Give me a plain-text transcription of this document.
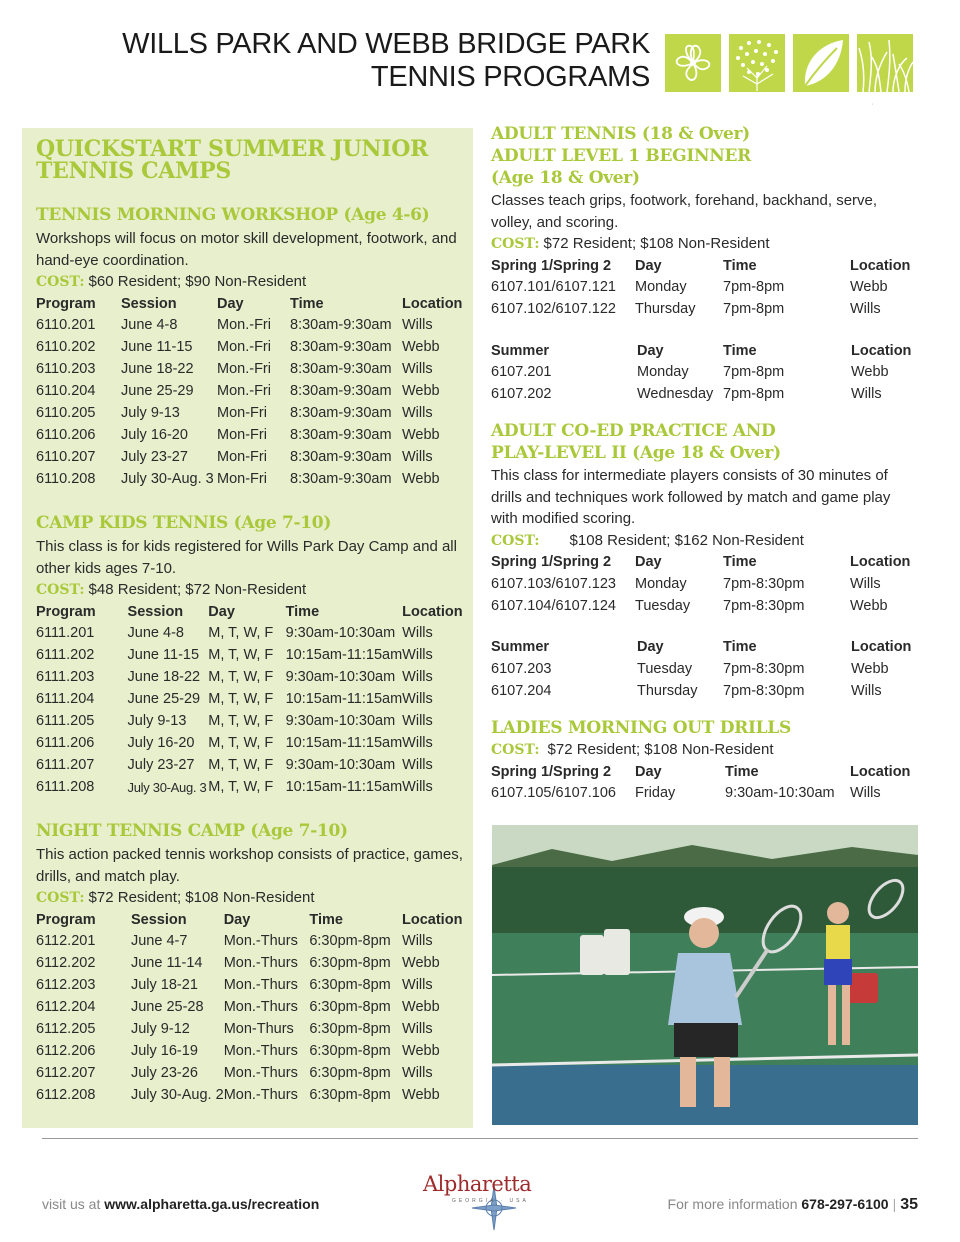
WILLS PARK AND WEBB BRIDGE PARK
TENNIS PROGRAMS
'
QUICKSTART SUMMER JUNIOR
TENNIS CAMPS
TENNIS MORNING WORKSHOP (Age 4-6)
Workshops will focus on motor skill development, footwork, and hand-eye coordination.
COST: $60 Resident; $90 Non-Resident
Program	Session	Day	Time	Location
6110.201	June 4-8	Mon.-Fri	8:30am-9:30am	Wills
6110.202	June 11-15	Mon.-Fri	8:30am-9:30am	Webb
6110.203	June 18-22	Mon.-Fri	8:30am-9:30am	Wills
6110.204	June 25-29	Mon.-Fri	8:30am-9:30am	Webb
6110.205	July 9-13	Mon-Fri	8:30am-9:30am	Wills
6110.206	July 16-20	Mon-Fri	8:30am-9:30am	Webb
6110.207	July 23-27	Mon-Fri	8:30am-9:30am	Wills
6110.208	July 30-Aug. 3	Mon-Fri	8:30am-9:30am	Webb
CAMP KIDS TENNIS (Age 7-10)
This class is for kids registered for Wills Park Day Camp and all other kids ages 7-10.
COST: $48 Resident; $72 Non-Resident
Program	Session	Day	Time	Location
6111.201	June 4-8	M, T, W, F	9:30am-10:30am	Wills
6111.202	June 11-15	M, T, W, F	10:15am-11:15am	Wills
6111.203	June 18-22	M, T, W, F	9:30am-10:30am	Wills
6111.204	June 25-29	M, T, W, F	10:15am-11:15am	Wills
6111.205	July 9-13	M, T, W, F	9:30am-10:30am	Wills
6111.206	July 16-20	M, T, W, F	10:15am-11:15am	Wills
6111.207	July 23-27	M, T, W, F	9:30am-10:30am	Wills
6111.208	July 30-Aug. 3	M, T, W, F	10:15am-11:15am	Wills
NIGHT TENNIS CAMP (Age 7-10)
This action packed tennis workshop consists of practice, games, drills, and match play.
COST: $72 Resident; $108 Non-Resident
Program	Session	Day	Time	Location
6112.201	June 4-7	Mon.-Thurs	6:30pm-8pm	Wills
6112.202	June 11-14	Mon.-Thurs	6:30pm-8pm	Webb
6112.203	July 18-21	Mon.-Thurs	6:30pm-8pm	Wills
6112.204	June 25-28	Mon.-Thurs	6:30pm-8pm	Webb
6112.205	July 9-12	Mon-Thurs	6:30pm-8pm	Wills
6112.206	July 16-19	Mon.-Thurs	6:30pm-8pm	Webb
6112.207	July 23-26	Mon.-Thurs	6:30pm-8pm	Wills
6112.208	July 30-Aug. 2	Mon.-Thurs	6:30pm-8pm	Webb
ADULT TENNIS (18 & Over)
ADULT LEVEL 1 BEGINNER
(Age 18 & Over)
Classes teach grips, footwork, forehand, backhand, serve, volley, and scoring.
COST: $72 Resident; $108 Non-Resident
Spring 1/Spring 2	Day	Time	Location
6107.101/6107.121	Monday	7pm-8pm	Webb
6107.102/6107.122	Thursday	7pm-8pm	Wills
Summer	Day	Time	Location
6107.201	Monday	7pm-8pm	Webb
6107.202	Wednesday	7pm-8pm	Wills
ADULT CO-ED PRACTICE AND
PLAY-LEVEL II (Age 18 & Over)
This class for intermediate players consists of 30 minutes of drills and techniques work followed by match and game play with modified scoring.
COST: $108 Resident; $162 Non-Resident
Spring 1/Spring 2	Day	Time	Location
6107.103/6107.123	Monday	7pm-8:30pm	Wills
6107.104/6107.124	Tuesday	7pm-8:30pm	Webb
Summer	Day	Time	Location
6107.203	Tuesday	7pm-8:30pm	Webb
6107.204	Thursday	7pm-8:30pm	Wills
LADIES MORNING OUT DRILLS
COST: $72 Resident; $108 Non-Resident
Spring 1/Spring 2	Day	Time	Location
6107.105/6107.106	Friday	9:30am-10:30am	Wills
visit us at www.alpharetta.ga.us/recreation
Alpharetta
GEORGIA · USA	For more information 678-297-6100 | 35
